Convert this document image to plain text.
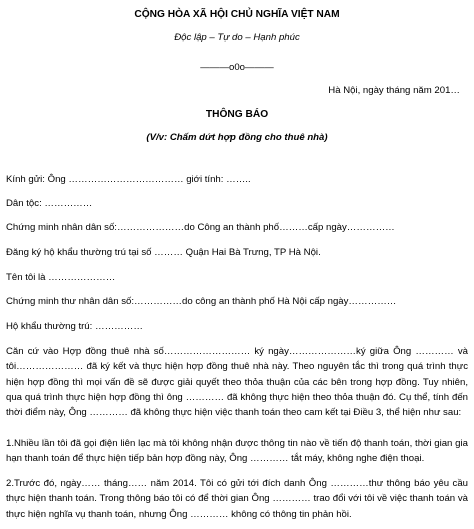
CỘNG HÒA XÃ HỘI CHỦ NGHĨA VIỆT NAM
Độc lập – Tự do – Hạnh phúc
———o0o———
Hà Nội, ngày tháng năm 201…
THÔNG BÁO
(V/v: Chấm dứt hợp đồng cho thuê nhà)
Kính gửi: Ông ……………………………… giới tính: ……..
Dân tộc: ……………
Chứng minh nhân dân số:…………………do Công an thành phố………cấp ngày……………
Đăng ký hộ khẩu thường trú tại số ……… Quận Hai Bà Trưng, TP Hà Nội.
Tên tôi là …………………
Chứng minh thư nhân dân số:……………do công an thành phố Hà Nội cấp ngày……………
Hộ khẩu thường trú: ……………
Căn cứ vào Hợp đồng thuê nhà số……………………… ký ngày…………………ký giữa Ông ………… và tôi………………… đã ký kết và thực hiện hợp đồng thuê nhà này. Theo nguyên tắc thì trong quá trình thực hiện hợp đồng thì mọi vấn đề sẽ được giải quyết theo thỏa thuận của các bên trong hợp đồng. Tuy nhiên, qua quá trình thực hiện hợp đồng thì ông ………… đã không thực hiện theo thỏa thuận đó. Cụ thể, tính đến thời điểm này, Ông ………… đã không thực hiện việc thanh toán theo cam kết tại Điều 3, thể hiện như sau:
1.Nhiều lần tôi đã gọi điện liên lạc mà tôi không nhận được thông tin nào về tiến độ thanh toán, thời gian gia hạn thanh toán để thực hiện tiếp bản hợp đồng này, Ông ………… tắt máy, không nghe điện thoại.
2.Trước đó, ngày…… tháng…… năm 2014. Tôi có gửi tới đích danh Ông …………thư thông báo yêu cầu thực hiện thanh toán. Trong thông báo tôi có để thời gian Ông ………… trao đổi với tôi về việc thanh toán và thực hiện nghĩa vụ thanh toán, nhưng Ông ………… không có thông tin phản hồi.
